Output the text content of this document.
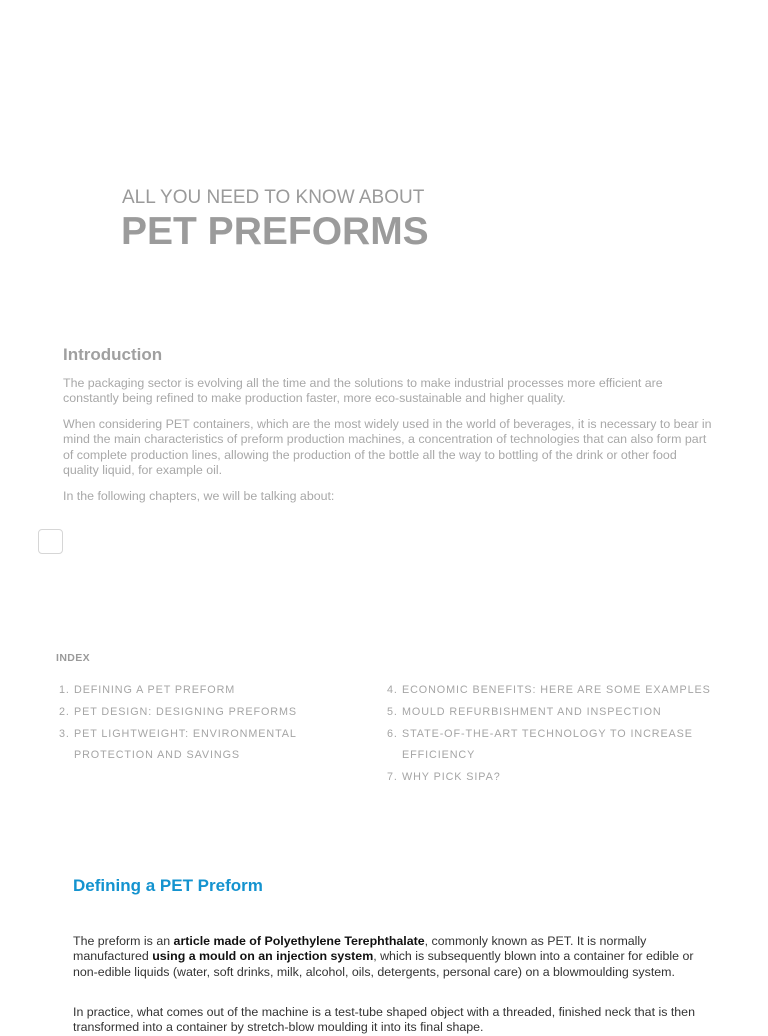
ALL YOU NEED TO KNOW ABOUT
PET PREFORMS
Introduction

The packaging sector is evolving all the time and the solutions to make industrial processes more efficient are constantly being refined to make production faster, more eco-sustainable and higher quality.

When considering PET containers, which are the most widely used in the world of beverages, it is necessary to bear in mind the main characteristics of preform production machines, a concentration of technologies that can also form part of complete production lines, allowing the production of the bottle all the way to bottling of the drink or other food quality liquid, for example oil.

In the following chapters, we will be talking about:

INDEX
1. DEFINING A PET PREFORM
2. PET DESIGN: DESIGNING PREFORMS
3. PET LIGHTWEIGHT: ENVIRONMENTAL PROTECTION AND SAVINGS
4. ECONOMIC BENEFITS: HERE ARE SOME EXAMPLES
5. MOULD REFURBISHMENT AND INSPECTION
6. STATE-OF-THE-ART TECHNOLOGY TO INCREASE EFFICIENCY
7. WHY PICK SIPA?
Defining a PET Preform

The preform is an article made of Polyethylene Terephthalate, commonly known as PET. It is normally manufactured using a mould on an injection system, which is subsequently blown into a container for edible or non-edible liquids (water, soft drinks, milk, alcohol, oils, detergents, personal care) on a blowmoulding system.

In practice, what comes out of the machine is a test-tube shaped object with a threaded, finished neck that is then transformed into a container by stretch-blow moulding it into its final shape.
